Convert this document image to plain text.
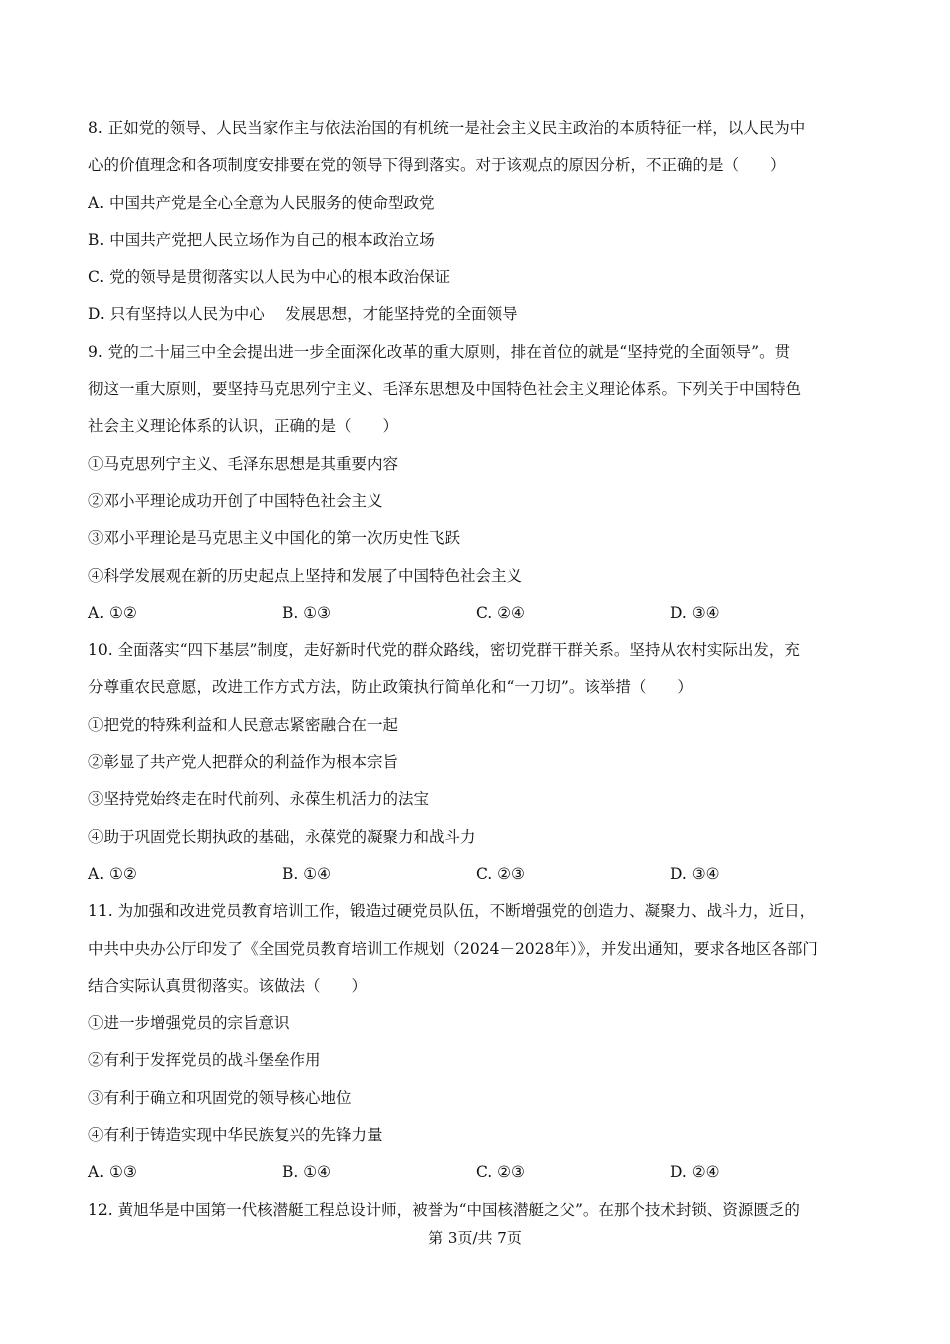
8. 正如党的领导、人民当家作主与依法治国的有机统一是社会主义民主政治的本质特征一样，以人民为中
心的价值理念和各项制度安排要在党的领导下得到落实。对于该观点的原因分析，不正确的是（　　）
A. 中国共产党是全心全意为人民服务的使命型政党
B. 中国共产党把人民立场作为自己的根本政治立场
C. 党的领导是贯彻落实以人民为中心的根本政治保证
D. 只有坚持以人民为中心　 发展思想，才能坚持党的全面领导
9. 党的二十届三中全会提出进一步全面深化改革的重大原则，排在首位的就是“坚持党的全面领导”。贯
彻这一重大原则，要坚持马克思列宁主义、毛泽东思想及中国特色社会主义理论体系。下列关于中国特色
社会主义理论体系的认识，正确的是（　　）
①马克思列宁主义、毛泽东思想是其重要内容
②邓小平理论成功开创了中国特色社会主义
③邓小平理论是马克思主义中国化的第一次历史性飞跃
④科学发展观在新的历史起点上坚持和发展了中国特色社会主义
A. ①②	B. ①③	C. ②④	D. ③④
10. 全面落实“四下基层”制度，走好新时代党的群众路线，密切党群干群关系。坚持从农村实际出发，充
分尊重农民意愿，改进工作方式方法，防止政策执行简单化和“一刀切”。该举措（　　）
①把党的特殊利益和人民意志紧密融合在一起
②彰显了共产党人把群众的利益作为根本宗旨
③坚持党始终走在时代前列、永葆生机活力的法宝
④助于巩固党长期执政的基础，永葆党的凝聚力和战斗力
A. ①②	B. ①④	C. ②③	D. ③④
11. 为加强和改进党员教育培训工作，锻造过硬党员队伍，不断增强党的创造力、凝聚力、战斗力，近日，
中共中央办公厅印发了《全国党员教育培训工作规划（2024－2028年）》，并发出通知，要求各地区各部门
结合实际认真贯彻落实。该做法（　　）
①进一步增强党员的宗旨意识
②有利于发挥党员的战斗堡垒作用
③有利于确立和巩固党的领导核心地位
④有利于铸造实现中华民族复兴的先锋力量
A. ①③	B. ①④	C. ②③	D. ②④
12. 黄旭华是中国第一代核潜艇工程总设计师，被誉为“中国核潜艇之父”。在那个技术封锁、资源匮乏的
第 3页/共 7页
